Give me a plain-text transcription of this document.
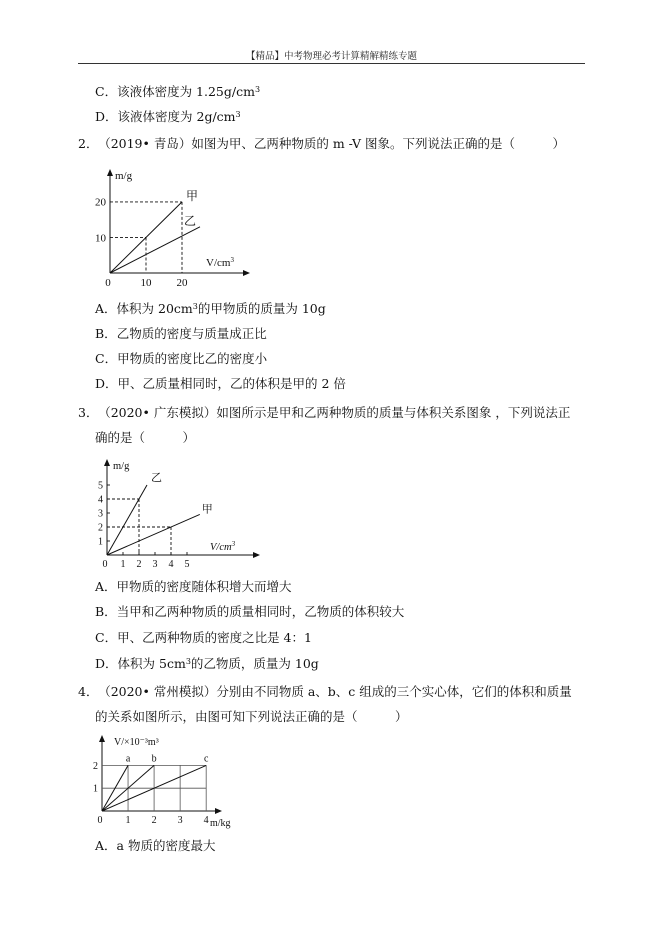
【精品】中考物理必考计算精解精练专题
C．该液体密度为 $1.25g/cm^3$
D．该液体密度为 $2g/cm^3$
2． （2019• 青岛）如图为甲、乙两种物质的 m -V 图象。下列说法正确的是（　　　）
m/g
$V/cm^3$
0	10 20
10
20	甲
乙
A．体积为 $20cm^3$的甲物质的质量为 10g
B．乙物质的密度与质量成正比
C．甲物质的密度比乙的密度小
D．甲、乙质量相同时，乙的体积是甲的 2 倍
3． （2020• 广东模拟）如图所示是甲和乙两种物质的质量与体积关系图象 ，下列说法正
确的是（　　　）
m/g
$V/cm^3$
0 1 2 3 4 5
1
2
3
4
5
乙
甲
A．甲物质的密度随体积增大而增大
B．当甲和乙两种物质的质量相同时，乙物质的体积较大
C．甲、乙两种物质的密度之比是 4：1
D．体积为 $5cm^3$的乙物质，质量为 10g
4． （2020• 常州模拟）分别由不同物质 a、b、c 组成的三个实心体，它们的体积和质量
的关系如图所示，由图可知下列说法正确的是（　　　）
V/×10⁻³m³
m/kg
0 1 2 3 4
1
2
a b	c
A．a 物质的密度最大
